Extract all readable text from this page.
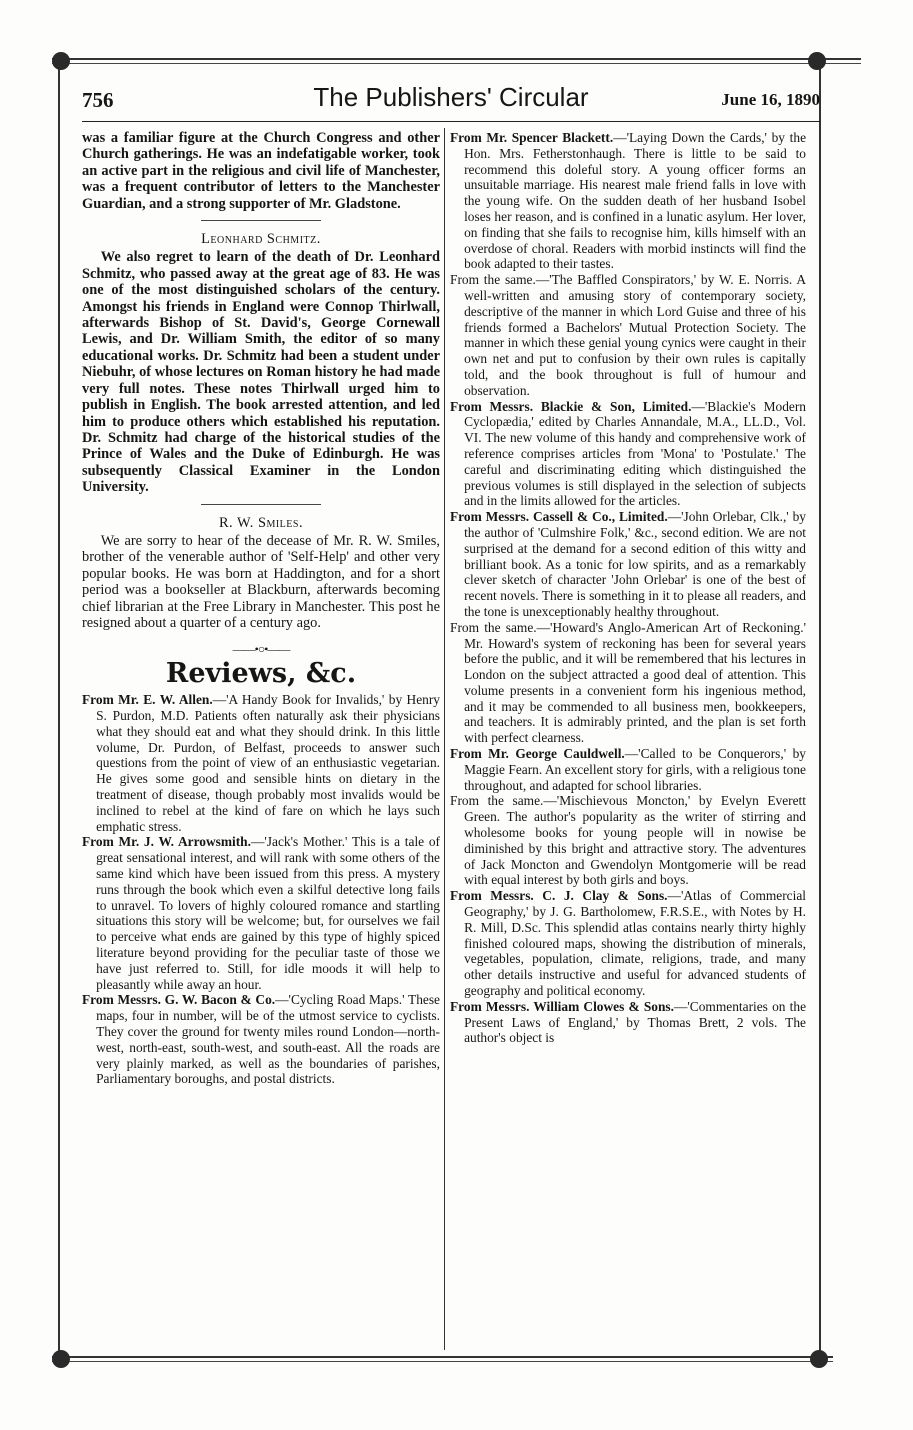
756	The Publishers' Circular	June 16, 1890

was a familiar figure at the Church Congress and other Church gatherings. He was an indefatigable worker, took an active part in the religious and civil life of Manchester, was a frequent contributor of letters to the Manchester Guardian, and a strong supporter of Mr. Gladstone.

Leonhard Schmitz.

We also regret to learn of the death of Dr. Leonhard Schmitz, who passed away at the great age of 83. He was one of the most distinguished scholars of the century. Amongst his friends in England were Connop Thirlwall, afterwards Bishop of St. David's, George Cornewall Lewis, and Dr. William Smith, the editor of so many educational works. Dr. Schmitz had been a student under Niebuhr, of whose lectures on Roman history he had made very full notes. These notes Thirlwall urged him to publish in English. The book arrested attention, and led him to produce others which established his reputation. Dr. Schmitz had charge of the historical studies of the Prince of Wales and the Duke of Edinburgh. He was subsequently Classical Examiner in the London University.

R. W. Smiles.

We are sorry to hear of the decease of Mr. R. W. Smiles, brother of the venerable author of 'Self-Help' and other very popular books. He was born at Haddington, and for a short period was a bookseller at Blackburn, afterwards becoming chief librarian at the Free Library in Manchester. This post he resigned about a quarter of a century ago.

——•○•——
Reviews, &c.

From Mr. E. W. Allen.—'A Handy Book for Invalids,' by Henry S. Purdon, M.D. Patients often naturally ask their physicians what they should eat and what they should drink. In this little volume, Dr. Purdon, of Belfast, proceeds to answer such questions from the point of view of an enthusiastic vegetarian. He gives some good and sensible hints on dietary in the treatment of disease, though probably most invalids would be inclined to rebel at the kind of fare on which he lays such emphatic stress.

From Mr. J. W. Arrowsmith.—'Jack's Mother.' This is a tale of great sensational interest, and will rank with some others of the same kind which have been issued from this press. A mystery runs through the book which even a skilful detective long fails to unravel. To lovers of highly coloured romance and startling situations this story will be welcome; but, for ourselves we fail to perceive what ends are gained by this type of highly spiced literature beyond providing for the peculiar taste of those we have just referred to. Still, for idle moods it will help to pleasantly while away an hour.

From Messrs. G. W. Bacon & Co.—'Cycling Road Maps.' These maps, four in number, will be of the utmost service to cyclists. They cover the ground for twenty miles round London—north-west, north-east, south-west, and south-east. All the roads are very plainly marked, as well as the boundaries of parishes, Parliamentary boroughs, and postal districts.

From Mr. Spencer Blackett.—'Laying Down the Cards,' by the Hon. Mrs. Fetherstonhaugh. There is little to be said to recommend this doleful story. A young officer forms an unsuitable marriage. His nearest male friend falls in love with the young wife. On the sudden death of her husband Isobel loses her reason, and is confined in a lunatic asylum. Her lover, on finding that she fails to recognise him, kills himself with an overdose of choral. Readers with morbid instincts will find the book adapted to their tastes.

From the same.—'The Baffled Conspirators,' by W. E. Norris. A well-written and amusing story of contemporary society, descriptive of the manner in which Lord Guise and three of his friends formed a Bachelors' Mutual Protection Society. The manner in which these genial young cynics were caught in their own net and put to confusion by their own rules is capitally told, and the book throughout is full of humour and observation.

From Messrs. Blackie & Son, Limited.—'Blackie's Modern Cyclopædia,' edited by Charles Annandale, M.A., LL.D., Vol. VI. The new volume of this handy and comprehensive work of reference comprises articles from 'Mona' to 'Postulate.' The careful and discriminating editing which distinguished the previous volumes is still displayed in the selection of subjects and in the limits allowed for the articles.

From Messrs. Cassell & Co., Limited.—'John Orlebar, Clk.,' by the author of 'Culmshire Folk,' &c., second edition. We are not surprised at the demand for a second edition of this witty and brilliant book. As a tonic for low spirits, and as a remarkably clever sketch of character 'John Orlebar' is one of the best of recent novels. There is something in it to please all readers, and the tone is unexceptionably healthy throughout.

From the same.—'Howard's Anglo-American Art of Reckoning.' Mr. Howard's system of reckoning has been for several years before the public, and it will be remembered that his lectures in London on the subject attracted a good deal of attention. This volume presents in a convenient form his ingenious method, and it may be commended to all business men, bookkeepers, and teachers. It is admirably printed, and the plan is set forth with perfect clearness.

From Mr. George Cauldwell.—'Called to be Conquerors,' by Maggie Fearn. An excellent story for girls, with a religious tone throughout, and adapted for school libraries.

From the same.—'Mischievous Moncton,' by Evelyn Everett Green. The author's popularity as the writer of stirring and wholesome books for young people will in nowise be diminished by this bright and attractive story. The adventures of Jack Moncton and Gwendolyn Montgomerie will be read with equal interest by both girls and boys.

From Messrs. C. J. Clay & Sons.—'Atlas of Commercial Geography,' by J. G. Bartholomew, F.R.S.E., with Notes by H. R. Mill, D.Sc. This splendid atlas contains nearly thirty highly finished coloured maps, showing the distribution of minerals, vegetables, population, climate, religions, trade, and many other details instructive and useful for advanced students of geography and political economy.

From Messrs. William Clowes & Sons.—'Commentaries on the Present Laws of England,' by Thomas Brett, 2 vols. The author's object is
